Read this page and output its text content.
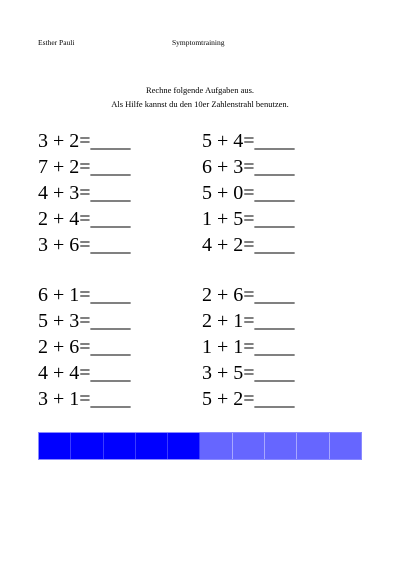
Esther Pauli	Symptomtraining
Rechne folgende Aufgaben aus.
Als Hilfe kannst du den 10er Zahlenstrahl benutzen.
3 + 2=____
7 + 2=____
4 + 3=____
2 + 4=____
3 + 6=____
5 + 4=____
6 + 3=____
5 + 0=____
1 + 5=____
4 + 2=____
6 + 1=____
5 + 3=____
2 + 6=____
4 + 4=____
3 + 1=____
2 + 6=____
2 + 1=____
1 + 1=____
3 + 5=____
5 + 2=____
